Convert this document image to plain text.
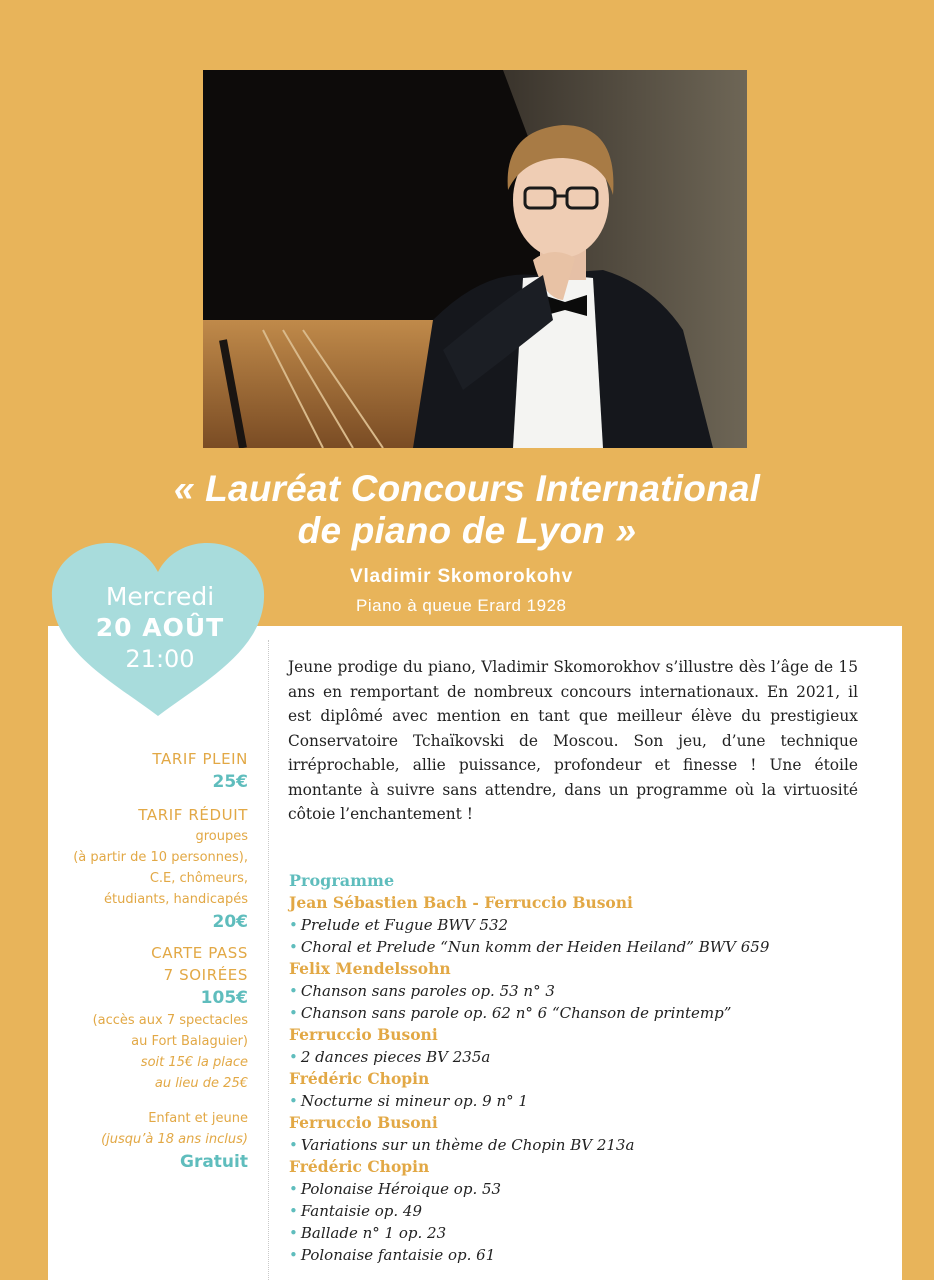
« Lauréat Concours International
de piano de Lyon »
Vladimir Skomorokohv
Piano à queue Erard 1928
Mercredi
20 AOÛT
21:00
TARIF PLEIN
25€
TARIF RÉDUIT
groupes
(à partir de 10 personnes),
C.E, chômeurs,
étudiants, handicapés
20€
CARTE PASS
7 SOIRÉES
105€
(accès aux 7 spectacles
au Fort Balaguier)
soit 15€ la place
au lieu de 25€
Enfant et jeune
(jusqu’à 18 ans inclus)
Gratuit
Jeune prodige du piano, Vladimir Skomorokhov s’illustre dès l’âge de 15 ans en remportant de nombreux concours internationaux. En 2021, il est diplômé avec mention en tant que meilleur élève du prestigieux Conservatoire Tchaïkovski de Moscou. Son jeu, d’une technique irréprochable, allie puissance, profondeur et finesse ! Une étoile montante à suivre sans attendre, dans un programme où la virtuosité côtoie l’enchantement !
Programme
Jean Sébastien Bach - Ferruccio Busoni
• Prelude et Fugue BWV 532
• Choral et Prelude “Nun komm der Heiden Heiland” BWV 659
Felix Mendelssohn
• Chanson sans paroles op. 53 n° 3
• Chanson sans parole op. 62 n° 6 “Chanson de printemp”
Ferruccio Busoni
• 2 dances pieces BV 235a
Frédéric Chopin
• Nocturne si mineur op. 9 n° 1
Ferruccio Busoni
• Variations sur un thème de Chopin BV 213a
Frédéric Chopin
• Polonaise Héroique op. 53
• Fantaisie op. 49
• Ballade n° 1 op. 23
• Polonaise fantaisie op. 61
